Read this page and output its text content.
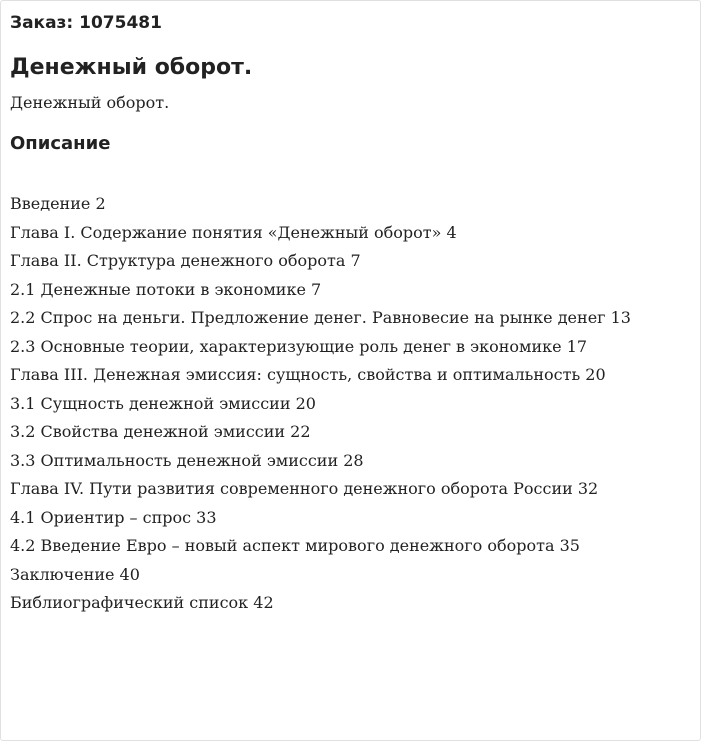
Заказ: 1075481
Денежный оборот.
Денежный оборот.
Описание
Введение 2
Глава I. Содержание понятия «Денежный оборот» 4
Глава II. Структура денежного оборота 7
2.1 Денежные потоки в экономике 7
2.2 Спрос на деньги. Предложение денег. Равновесие на рынке денег 13
2.3 Основные теории, характеризующие роль денег в экономике 17
Глава III. Денежная эмиссия: сущность, свойства и оптимальность 20
3.1 Сущность денежной эмиссии 20
3.2 Свойства денежной эмиссии 22
3.3 Оптимальность денежной эмиссии 28
Глава IV. Пути развития современного денежного оборота России 32
4.1 Ориентир – спрос 33
4.2 Введение Евро – новый аспект мирового денежного оборота 35
Заключение 40
Библиографический список 42
